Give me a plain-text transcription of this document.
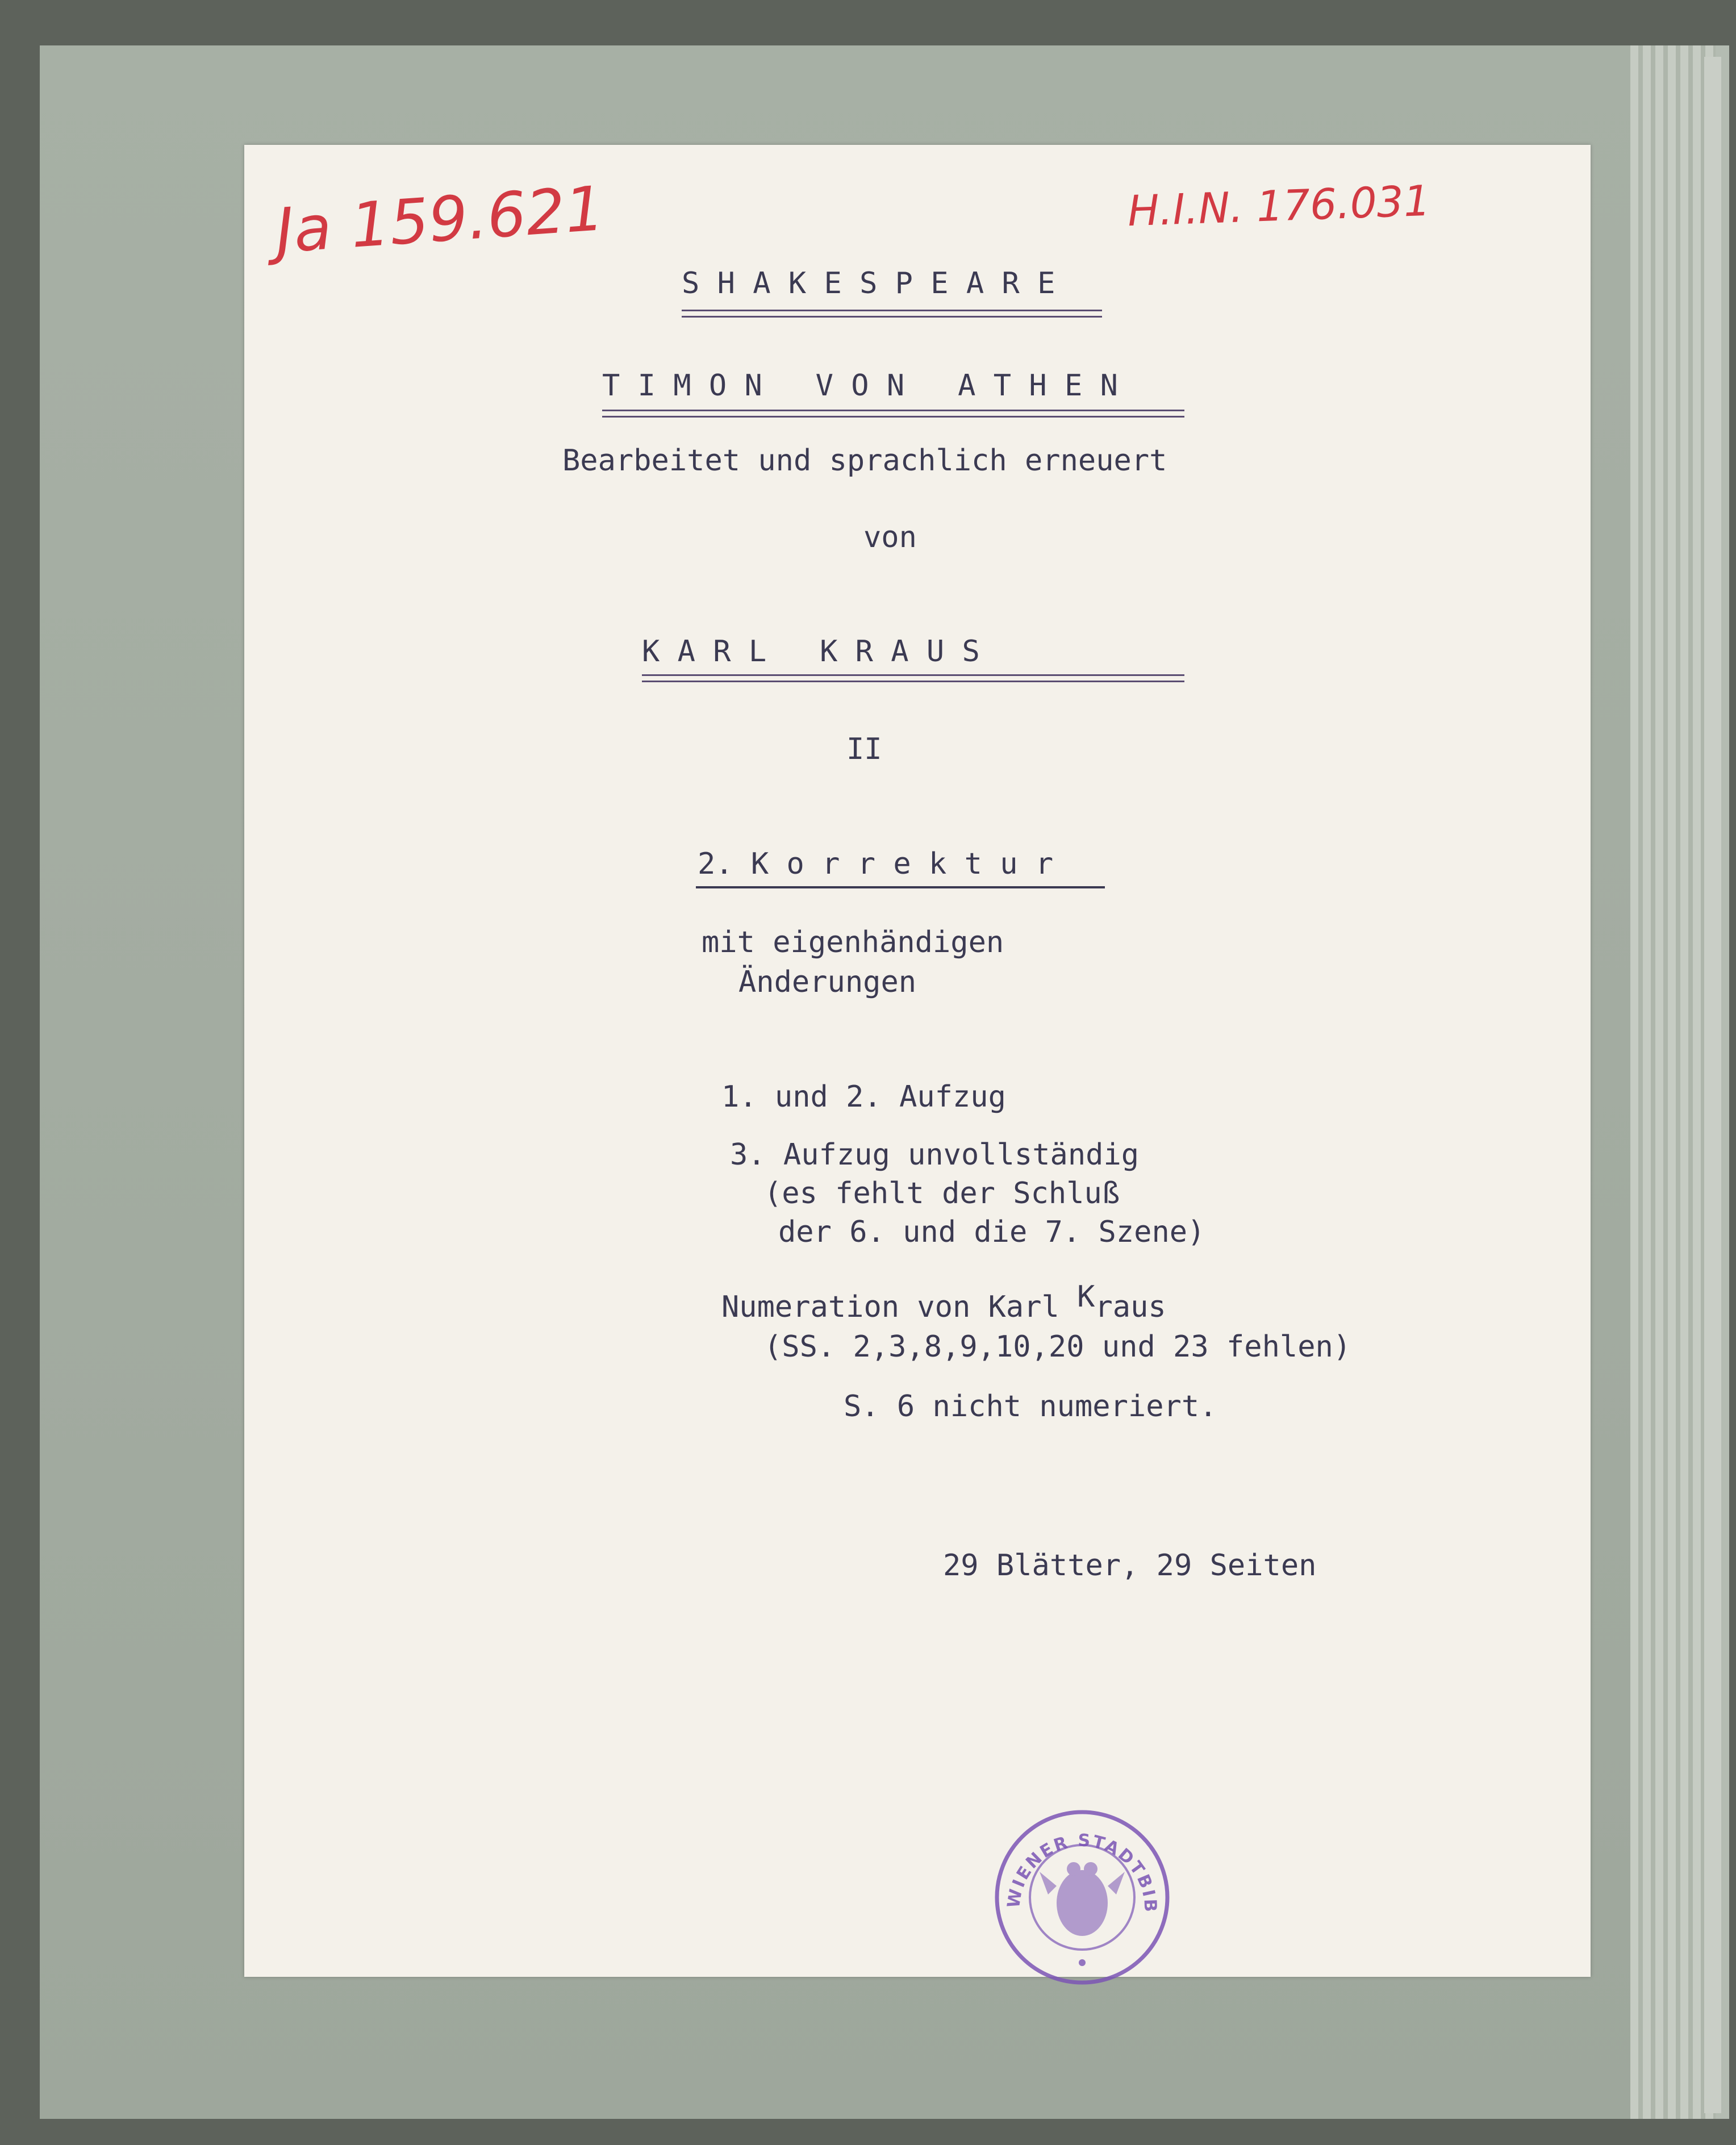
Ja 159.621	H.I.N. 176.031
S H A K E S P E A R E
T I M O N   V O N   A T H E N
Bearbeitet und sprachlich erneuert
von
K A R L   K R A U S
II
2. K o r r e k t u r
mit eigenhändigen
Änderungen
1. und 2. Aufzug
3. Aufzug unvollständig
(es fehlt der Schluß
der 6. und die 7. Szene)
Numeration von Karl Kraus
(SS. 2,3,8,9,10,20 und 23 fehlen)
S. 6 nicht numeriert.
29 Blätter, 29 Seiten
WIENER STADTBIB
